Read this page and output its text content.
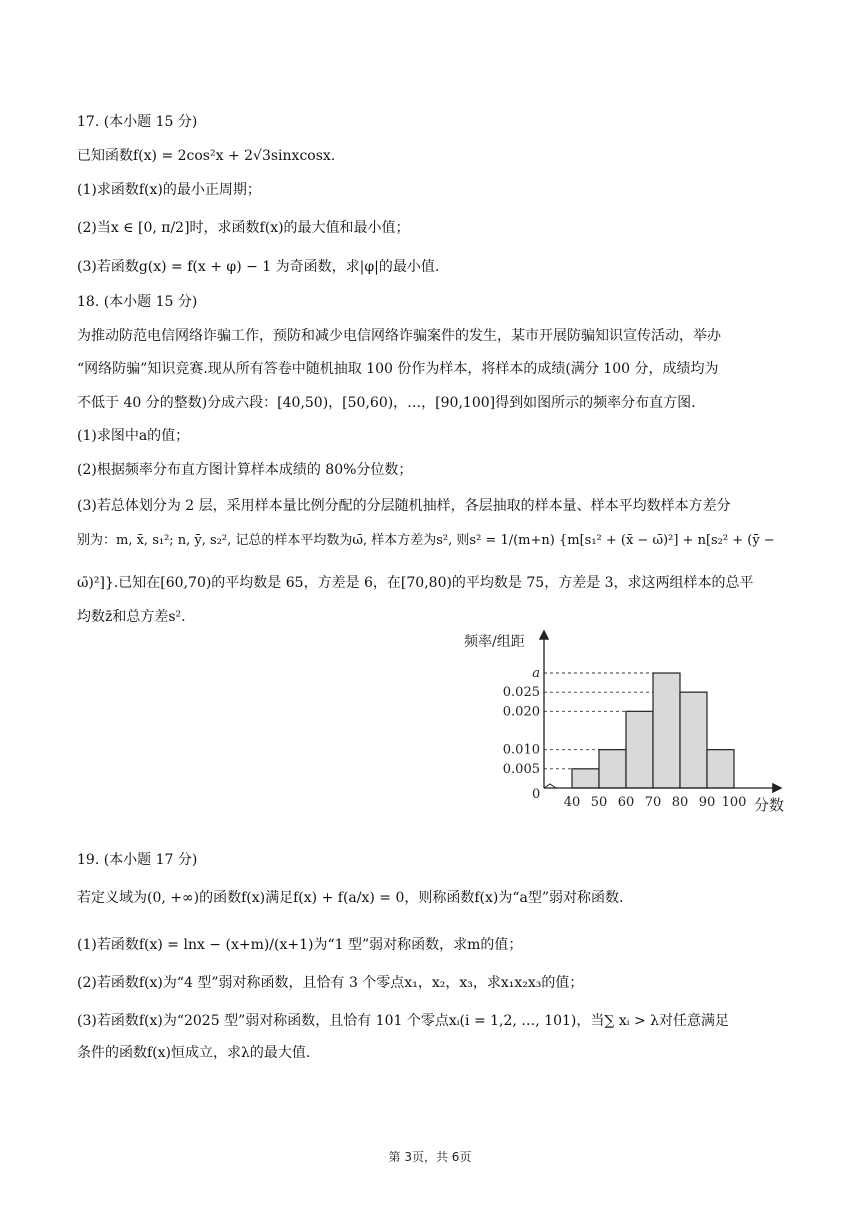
17. (本小题 15 分)
已知函数f(x) = 2cos²x + 2√3sinxcosx.
(1)求函数f(x)的最小正周期；
(2)当x ∈ [0, π/2]时，求函数f(x)的最大值和最小值；
(3)若函数g(x) = f(x + φ) − 1 为奇函数，求|φ|的最小值.
18. (本小题 15 分)
为推动防范电信网络诈骗工作，预防和减少电信网络诈骗案件的发生，某市开展防骗知识宣传活动，举办
“网络防骗”知识竞赛.现从所有答卷中随机抽取 100 份作为样本，将样本的成绩(满分 100 分，成绩均为
不低于 40 分的整数)分成六段：[40,50)，[50,60)，…，[90,100]得到如图所示的频率分布直方图.
(1)求图中a的值；
(2)根据频率分布直方图计算样本成绩的 80%分位数；
(3)若总体划分为 2 层，采用样本量比例分配的分层随机抽样，各层抽取的样本量、样本平均数样本方差分
别为：m, x̄, s₁²; n, ȳ, s₂², 记总的样本平均数为ω̄, 样本方差为s², 则s² = 1/(m+n) {m[s₁² + (x̄ − ω̄)²] + n[s₂² + (ȳ −
ω̄)²]}.已知在[60,70)的平均数是 65，方差是 6，在[70,80)的平均数是 75，方差是 3，求这两组样本的总平
均数z̄和总方差s².
频率/组距
分数
0
0.005
0.010
0.020
0.025
a
40 50 60 70 80 90 100
19. (本小题 17 分)
若定义域为(0, +∞)的函数f(x)满足f(x) + f(a/x) = 0，则称函数f(x)为“a型”弱对称函数.
(1)若函数f(x) = lnx − (x+m)/(x+1)为“1 型”弱对称函数，求m的值；
(2)若函数f(x)为“4 型”弱对称函数，且恰有 3 个零点x₁，x₂，x₃，求x₁x₂x₃的值；
(3)若函数f(x)为“2025 型”弱对称函数，且恰有 101 个零点xᵢ(i = 1,2, …, 101)，当∑ xᵢ > λ对任意满足
条件的函数f(x)恒成立，求λ的最大值.
第 3页，共 6页
